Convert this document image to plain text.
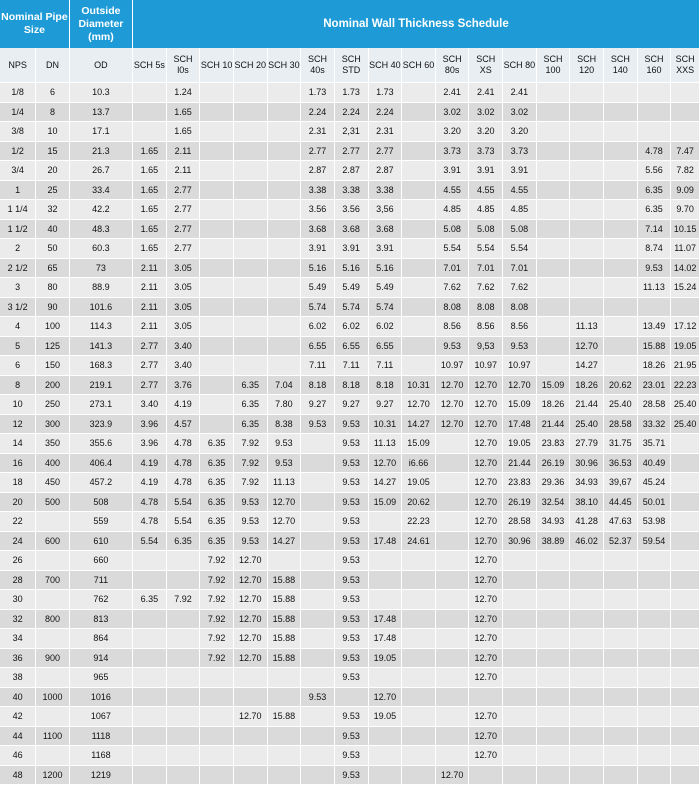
Nominal Pipe Size		Outside Diameter (mm)	Nominal Wall Thickness Schedule																
NPS	DN	OD	SCH 5s	SCH l0s	SCH 10	SCH 20	SCH 30	SCH 40s	SCH STD	SCH 40	SCH 60	SCH 80s	SCH XS	SCH 80	SCH 100	SCH 120	SCH 140	SCH 160	SCH XXS
1/8	6	10.3		1.24				1.73	1.73	1.73		2.41	2.41	2.41					
1/4	8	13.7		1.65				2.24	2.24	2.24		3.02	3.02	3.02					
3/8	10	17.1		1.65				2.31	2,31	2.31		3.20	3.20	3.20					
1/2	15	21.3	1.65	2.11				2.77	2.77	2.77		3.73	3.73	3.73				4.78	7.47
3/4	20	26.7	1.65	2.11				2.87	2.87	2.87		3.91	3.91	3.91				5.56	7.82
1	25	33.4	1.65	2.77				3.38	3.38	3.38		4.55	4.55	4.55				6.35	9.09
1 1/4	32	42.2	1.65	2.77				3.56	3.56	3,56		4.85	4.85	4.85				6.35	9.70
1 1/2	40	48.3	1.65	2.77				3.68	3.68	3.68		5.08	5.08	5.08				7.14	10.15
2	50	60.3	1.65	2.77				3.91	3.91	3.91		5.54	5.54	5.54				8.74	11.07
2 1/2	65	73	2.11	3.05				5.16	5.16	5.16		7.01	7.01	7.01				9.53	14.02
3	80	88.9	2.11	3.05				5.49	5.49	5.49		7.62	7.62	7.62				11.13	15.24
3 1/2	90	101.6	2.11	3.05				5.74	5.74	5.74		8.08	8.08	8.08					
4	100	114.3	2.11	3.05				6.02	6.02	6.02		8.56	8.56	8.56		11.13		13.49	17.12
5	125	141.3	2.77	3.40				6.55	6.55	6.55		9.53	9,53	9.53		12.70		15.88	19.05
6	150	168.3	2.77	3.40				7.11	7.11	7.11		10.97	10.97	10.97		14.27		18.26	21.95
8	200	219.1	2.77	3.76		6.35	7.04	8.18	8.18	8.18	10.31	12.70	12.70	12.70	15.09	18.26	20.62	23.01	22.23
10	250	273.1	3.40	4.19		6.35	7.80	9.27	9.27	9.27	12.70	12.70	12.70	15.09	18.26	21.44	25.40	28.58	25.40
12	300	323.9	3.96	4.57		6.35	8.38	9.53	9.53	10.31	14.27	12.70	12.70	17.48	21.44	25.40	28.58	33.32	25.40
14	350	355.6	3.96	4.78	6.35	7.92	9.53		9.53	11.13	15.09		12.70	19.05	23.83	27.79	31.75	35.71	
16	400	406.4	4.19	4.78	6.35	7.92	9.53		9.53	12.70	i6.66		12.70	21.44	26.19	30.96	36.53	40.49	
18	450	457.2	4.19	4.78	6.35	7.92	11.13		9.53	14.27	19.05		12.70	23.83	29.36	34.93	39,67	45.24	
20	500	508	4.78	5.54	6.35	9.53	12.70		9.53	15.09	20.62		12.70	26.19	32.54	38.10	44.45	50.01	
22		559	4.78	5.54	6.35	9.53	12.70		9.53		22.23		12.70	28.58	34.93	41.28	47.63	53.98	
24	600	610	5.54	6.35	6.35	9.53	14.27		9.53	17.48	24.61		12.70	30.96	38.89	46.02	52.37	59.54	
26		660			7.92	12.70			9.53				12.70						
28	700	711			7.92	12.70	15.88		9.53				12.70						
30		762	6.35	7.92	7.92	12.70	15.88		9.53				12.70						
32	800	813			7.92	12.70	15.88		9.53	17.48			12.70						
34		864			7.92	12.70	15.88		9.53	17.48			12.70						
36	900	914			7.92	12.70	15.88		9.53	19.05			12.70						
38		965							9.53				12.70						
40	1000	1016						9.53		12.70									
42		1067				12.70	15.88		9.53	19.05			12.70						
44	1100	1118							9.53				12.70						
46		1168							9.53				12.70						
48	1200	1219							9.53			12.70							
